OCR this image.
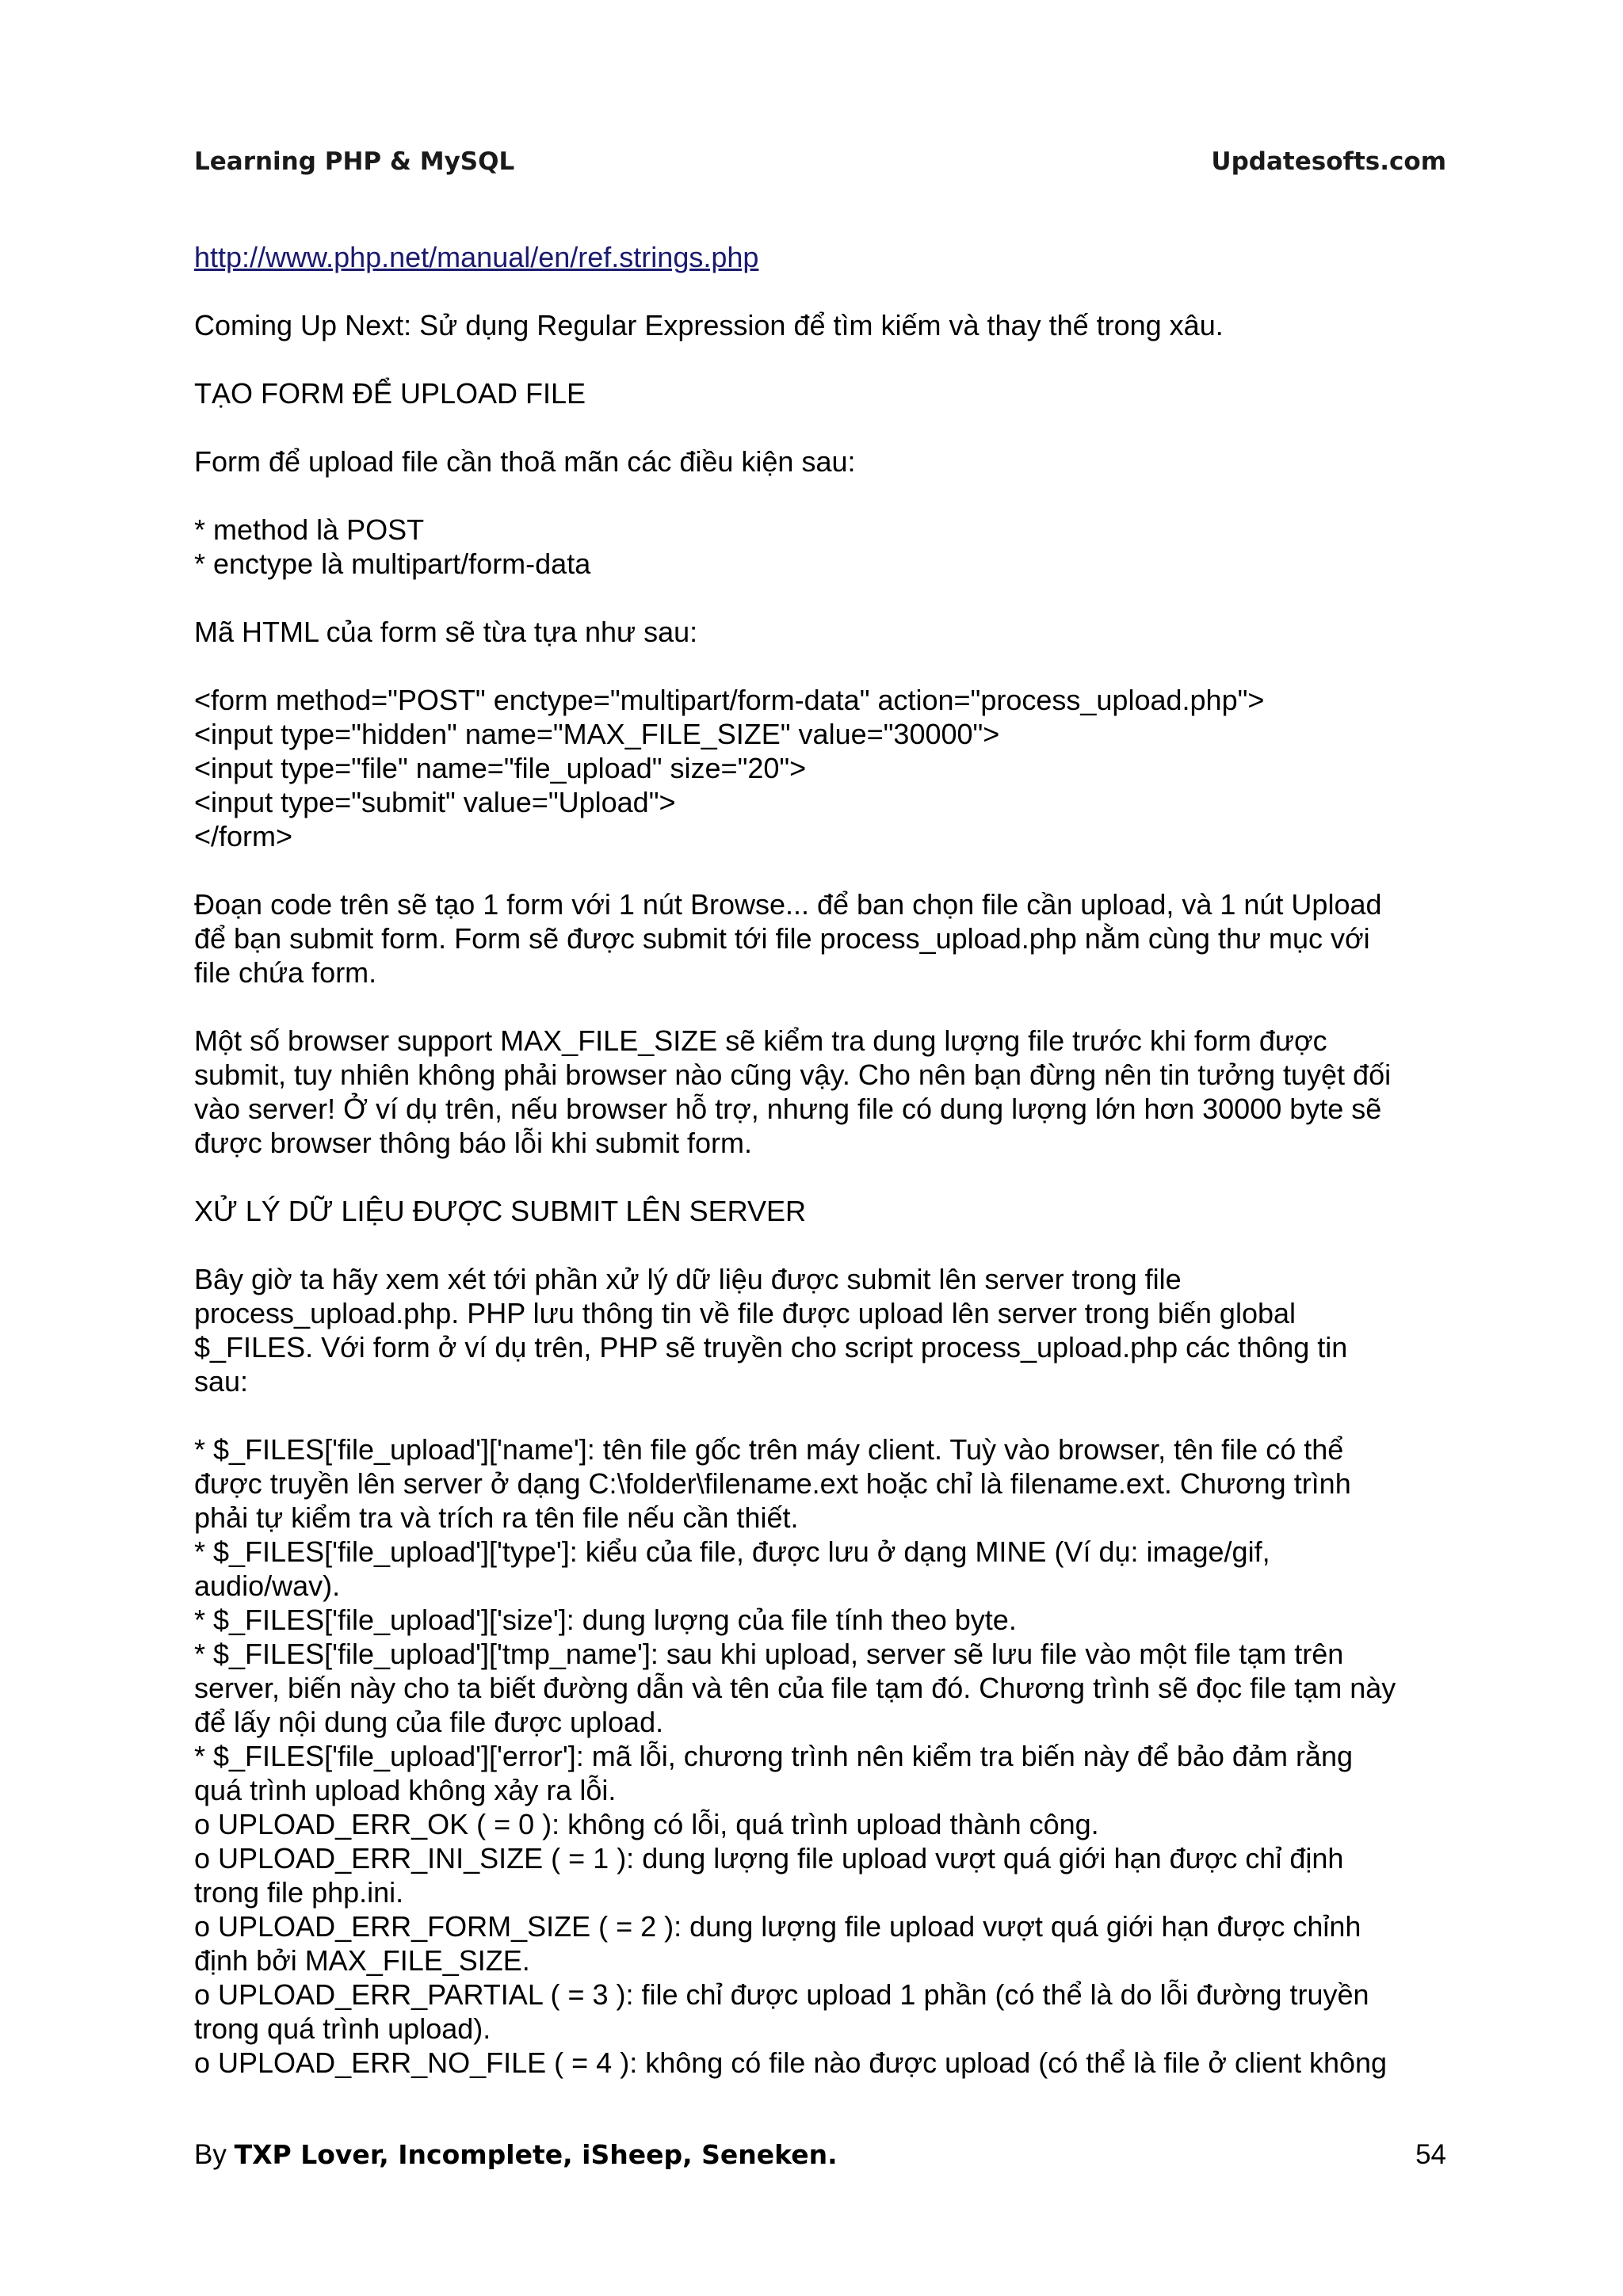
Learning PHP & MySQL	Updatesofts.com

http://www.php.net/manual/en/ref.strings.php

Coming Up Next: Sử dụng Regular Expression để tìm kiếm và thay thế trong xâu.

TẠO FORM ĐỂ UPLOAD FILE

Form để upload file cần thoã mãn các điều kiện sau:

* method là POST
* enctype là multipart/form-data

Mã HTML của form sẽ từa tựa như sau:

<form method="POST" enctype="multipart/form-data" action="process_upload.php">
<input type="hidden" name="MAX_FILE_SIZE" value="30000">
<input type="file" name="file_upload" size="20">
<input type="submit" value="Upload">
</form>

Đoạn code trên sẽ tạo 1 form với 1 nút Browse... để ban chọn file cần upload, và 1 nút Upload
để bạn submit form. Form sẽ được submit tới file process_upload.php nằm cùng thư mục với
file chứa form.

Một số browser support MAX_FILE_SIZE sẽ kiểm tra dung lượng file trước khi form được
submit, tuy nhiên không phải browser nào cũng vậy. Cho nên bạn đừng nên tin tưởng tuyệt đối
vào server! Ở ví dụ trên, nếu browser hỗ trợ, nhưng file có dung lượng lớn hơn 30000 byte sẽ
được browser thông báo lỗi khi submit form.

XỬ LÝ DỮ LIỆU ĐƯỢC SUBMIT LÊN SERVER

Bây giờ ta hãy xem xét tới phần xử lý dữ liệu được submit lên server trong file
process_upload.php. PHP lưu thông tin về file được upload lên server trong biến global
$_FILES. Với form ở ví dụ trên, PHP sẽ truyền cho script process_upload.php các thông tin
sau:

* $_FILES['file_upload']['name']: tên file gốc trên máy client. Tuỳ vào browser, tên file có thể
được truyền lên server ở dạng C:\folder\filename.ext hoặc chỉ là filename.ext. Chương trình
phải tự kiểm tra và trích ra tên file nếu cần thiết.
* $_FILES['file_upload']['type']: kiểu của file, được lưu ở dạng MINE (Ví dụ: image/gif,
audio/wav).
* $_FILES['file_upload']['size']: dung lượng của file tính theo byte.
* $_FILES['file_upload']['tmp_name']: sau khi upload, server sẽ lưu file vào một file tạm trên
server, biến này cho ta biết đường dẫn và tên của file tạm đó. Chương trình sẽ đọc file tạm này
để lấy nội dung của file được upload.
* $_FILES['file_upload']['error']: mã lỗi, chương trình nên kiểm tra biến này để bảo đảm rằng
quá trình upload không xảy ra lỗi.
o UPLOAD_ERR_OK ( = 0 ): không có lỗi, quá trình upload thành công.
o UPLOAD_ERR_INI_SIZE ( = 1 ): dung lượng file upload vượt quá giới hạn được chỉ định
trong file php.ini.
o UPLOAD_ERR_FORM_SIZE ( = 2 ): dung lượng file upload vượt quá giới hạn được chỉnh
định bởi MAX_FILE_SIZE.
o UPLOAD_ERR_PARTIAL ( = 3 ): file chỉ được upload 1 phần (có thể là do lỗi đường truyền
trong quá trình upload).
o UPLOAD_ERR_NO_FILE ( = 4 ): không có file nào được upload (có thể là file ở client không

By TXP Lover, Incomplete, iSheep, Seneken.	54
